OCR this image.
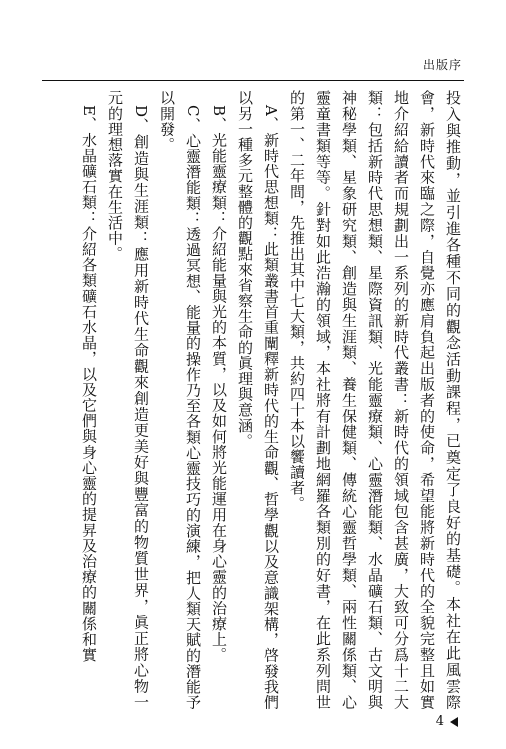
出版序

投入與推動，並引進各種不同的觀念活動課程，已奠定了良好的基礎。本社在此風雲際會，新時代來臨之際，自覺亦應肩負起出版者的使命，希望能將新時代的全貌完整且如實地介紹給讀者而規劃出一系列的新時代叢書：新時代的領域包含甚廣，大致可分爲十二大類：包括新時代思想類、星際資訊類、光能靈療類、心靈潛能類、水晶礦石類、古文明與神秘學類、星象研究類、創造與生涯類、養生保健類、傳統心靈哲學類、兩性關係類、心靈童書類等等。針對如此浩瀚的領域，本社將有計劃地網羅各類別的好書，在此系列問世的第一、二年間，先推出其中七大類，共約四十本以饗讀者。

A、新時代思想類：此類叢書首重闡釋新時代的生命觀、哲學觀以及意識架構，啓發我們以另一種多元整體的觀點來省察生命的眞理與意涵。

B、光能靈療類：介紹能量與光的本質，以及如何將光能運用在身心靈的治療上。

C、心靈潛能類：透過冥想、能量的操作乃至各類心靈技巧的演練，把人類天賦的潛能予以開發。

D、創造與生涯類：應用新時代生命觀來創造更美好與豐富的物質世界，眞正將心物一元的理想落實在生活中。

E、水晶礦石類：介紹各類礦石水晶，以及它們與身心靈的提昇及治療的關係和實

4
